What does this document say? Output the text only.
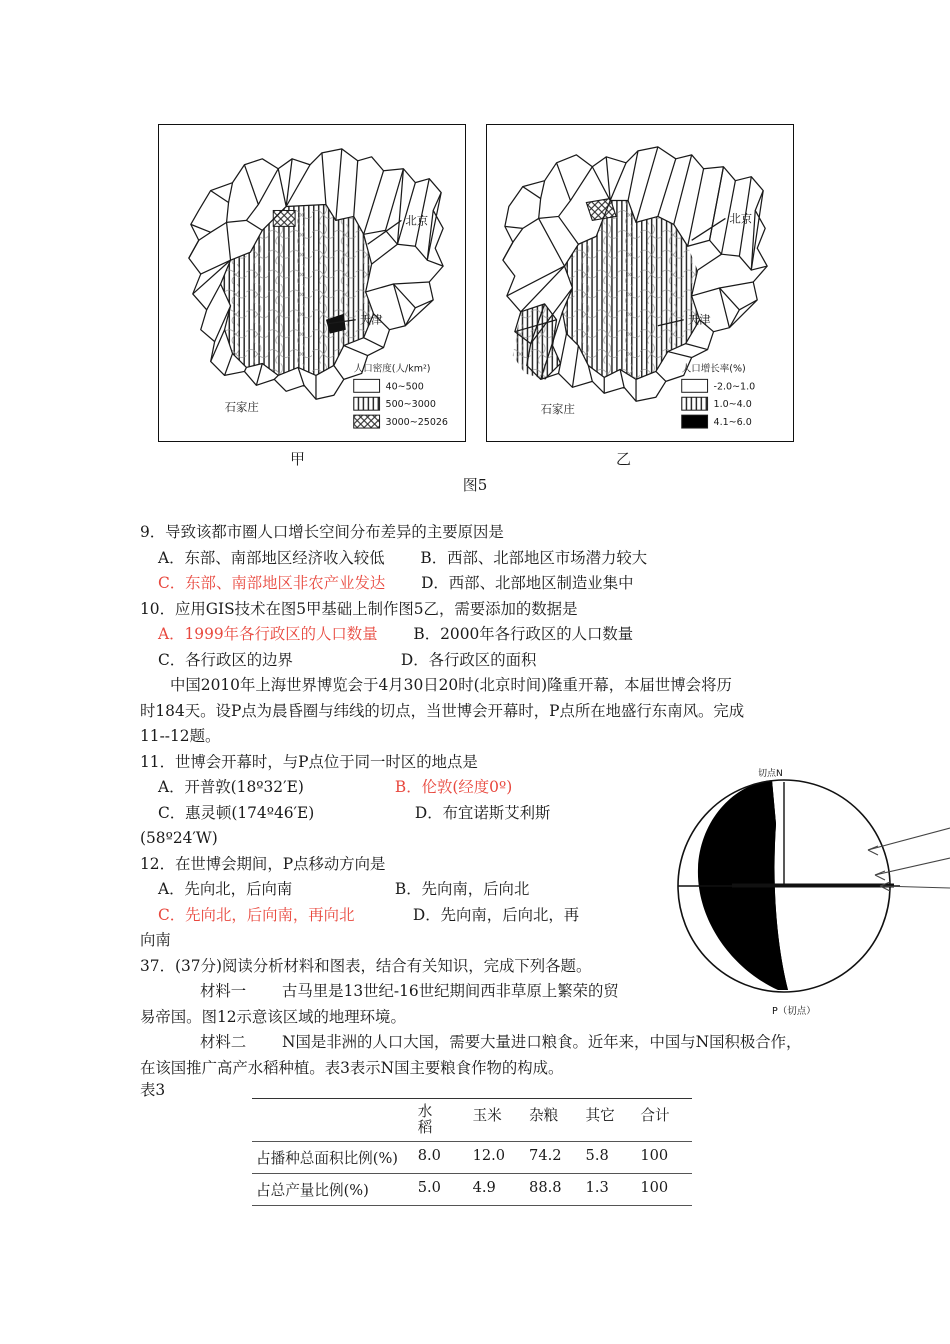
北京
天津
石家庄
人口密度(人/km²)
40~500
500~3000
3000~25026
北京
天津
石家庄
人口增长率(%)
-2.0~1.0
1.0~4.0
4.1~6.0
甲	乙
图5
9．导致该都市圈人口增长空间分布差异的主要原因是
A．东部、南部地区经济收入较低 B．西部、北部地区市场潜力较大
C．东部、南部地区非农产业发达 D．西部、北部地区制造业集中
10．应用GIS技术在图5甲基础上制作图5乙，需要添加的数据是
A．1999年各行政区的人口数量 B．2000年各行政区的人口数量
C．各行政区的边界	D．各行政区的面积
中国2010年上海世界博览会于4月30日20时(北京时间)隆重开幕，本届世博会将历
时184天。设P点为晨昏圈与纬线的切点，当世博会开幕时，P点所在地盛行东南风。完成
11--12题。
11．世博会开幕时，与P点位于同一时区的地点是
A．开普敦(18º32′E)	B．伦敦(经度0º)
C．惠灵顿(174º46′E)	D．布宜诺斯艾利斯
(58º24′W)
12．在世博会期间，P点移动方向是
A．先向北，后向南	B．先向南，后向北
C．先向北，后向南，再向北	D．先向南，后向北，再
向南
37．(37分)阅读分析材料和图表，结合有关知识，完成下列各题。
材料一 古马里是13世纪-16世纪期间西非草原上繁荣的贸
易帝国。图12示意该区域的地理环境。
材料二 N国是非洲的人口大国，需要大量进口粮食。近年来，中国与N国积极合作，
在该国推广高产水稻种植。表3表示N国主要粮食作物的构成。
切点N
P（切点）
表3
	水稻	玉米	杂粮	其它	合计
占播种总面积比例(%)	8.0	12.0	74.2	5.8	100
占总产量比例(%)	5.0	4.9	88.8	1.3	100
